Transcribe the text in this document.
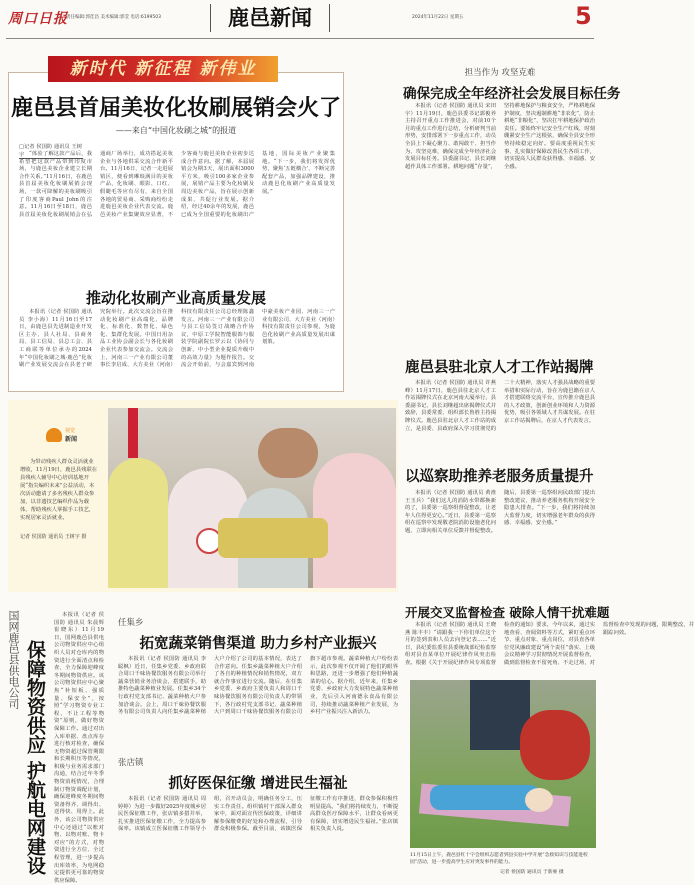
周口日报
责任编辑:郭佳昌 美术编辑:郭莹 电话:6199503	鹿邑新闻	2024年11月22日 星期五	5
新时代 新征程 新伟业
鹿邑县首届美妆化妆刷展销会火了
——来自“中国化妆刷之城”的报道
□记者 侯国防 通讯员 王树宇 “体验了解这款产品后，我希望把这款产品带到印度市场，与鹿邑美妆企业建立长期合作关系。”11月16日，在鹿邑县首届美妆化妆刷展销会现场，一款可降解的美妆刷吸引了印度客商Paul John的注意。11月16日至18日，鹿邑县首届美妆化妆刷展销会在弘通商厂场举行，成功搭起美妆企业与各地供采交流合作新平台。11月16日，记者一走进展销区，便看到琳琅满目的美妆产品，化妆刷、眼影、口红、假睫毛等应有尽有，来自全国各地的贸易商、采购商纷纷走进鹿邑美妆企业代表交流。鹿邑美妆产业集聚效应显著，不少客商与鹿邑美妆企业初步达成合作意向。据了解，本届展销会为期3天，展出面积3000平方米，吸引100多家企业参展，展销产品主要为化妆刷及周边美妆产品，旨在展示创新成果、共促行业发展。据介绍，经过40余年的发展，鹿邑已成为全国重要的化妆刷出产基地，国际美妆产业聚集地。“下一步，我们将发挥优势，聚焦‘五链耦合’，不断完善配套产品，加强品牌建设，推动鹿邑化妆刷产业高质量发展。”
推动化妆刷产业高质量发展
本报讯（记者 侯国防 通讯员 李小海）11月16日至17日，由鹿邑县先进制造业开发区主办、县人社局、县商务局、县工信局、县总工会、县工商联等单位承办的2024年“中国化妆刷之城·鹿邑”化妆刷产业发展交流会在县老子研究院举行。此次交流会旨在推动化妆刷产业高端化、品牌化、标准化、数智化、绿色化、集群化发展。中国日用杂品工业协会副会长与各化妆刷企业代表参加交流会。交流会上，河南三一产业有限公司董事长李启成、大方美业（河南）科技有限责任公司总经理陈鑫发言。河南三一产业有限公司与县工信局签订战略合作协议，中原工学院智能服饰与服装学院副院长罗云以《协同与创新，中小型企业提质升级中的高效力量》为题作报告。交流会开始前，与会嘉宾到河南中豪美妆产业园、河南三一产业有限公司、大方美业（河南）科技有限责任公司参观，为鹿邑化妆刷产业高质量发展出谋划策。
视觉
新闻
为带动残疾人群众灵活就业增收，11月19日，鹿邑县残联在县残疾人辅导中心培训基地开展“指尖编织未来”公益活动，本次活动邀请了多名残疾人群众参加，以非遗技艺编织作品为载体，帮助残疾人掌握手工技艺，实现居家灵活就业。
记者 侯国防 通讯员 王树宇 摄
担当作为 攻坚克难
确保完成全年经济社会发展目标任务
本报讯（记者 侯国防 通讯员 宋田宇）11月19日，鹿邑县委书记郭俊养主持召开重点工作推进会，对前10个月的重点工作进行总结，分析研判当前形势，安排部署下一步重点工作，动员全县上下凝心聚力、敢闯敢干、担当作为、攻坚克难，确保完成全年经济社会发展目标任务。县委副书记、县长刘继超作具体工作部署。耕地问题“存量”，坚持耕地保护与粮食安全，严格耕地保护制度，坚决遏制耕地“非农化”，防止耕地“非粮化”，坚决扛牢耕地保护政治责任。要始终牢记安全生产红线，时刻绷紧安全生产这根弦，确保全县安全形势持续稳定向好。要高度重视民生实事，扎实做好保障改善民生各项工作，切实提高人民群众获得感、幸福感、安全感。
鹿邑县驻北京人才工作站揭牌
本报讯（记者 侯国防 通讯员 许燕峰）11月17日，鹿邑县驻北京人才工作站揭牌仪式在北京河南大厦举行，县委副书记、县长刘继超出席揭牌仪式并致辞，县委常委、组织部长鲁胜主持揭牌仪式。鹿邑县驻北京人才工作站的成立，是县委、县政府深入学习贯彻党的二十大精神，落实人才强县战略的重要举措和实际行动，旨在为鹿邑籍在京人才搭建联络交流平台，宣传推介鹿邑县的人才政策，创新创业环境和人力资源优势，吸引各领域人才共谋发展。在驻京工作站揭牌后，在京人才代表发言。
以巡察助推养老服务质量提升
本报讯（记者 侯国防 通讯员 黄淮 王玉兵）“我们这儿的消防水带都换新的了，县委第一巡察组督促整改，让老年人住得更安心。”近日，县委第一巡察组在巡察中发现敬老院消防设施老化问题，立即向相关单位反馈并督促整改。随后，县委第一巡察组向民政部门提出整改建议，推动养老服务机构开展安全隐患大排查。“下一步，我们将持续加大监督力度，切实增强老年群众的获得感、幸福感、安全感。”
开展交叉监督检查 破除人情干扰难题
本报讯（记者 侯国防 通讯员 王晓燕 陈丰丰）“请跟我一下你们单位这个月的签到表和人员去向登记表……”近日，县纪委监委驻县委统战部纪检监察组对县直某单位开展纪律作风突击检查。根据《关于开展纪律作风专项监督检查的通知》要求，今年以来，通过实地查看、查阅资料等方式，紧盯重点环节、重点对象、重点岗位，对县直各单位党风廉政建设“两个责任”落实、上级会议精神学习贯彻情况开展监督检查，做到监督检查不留死角、不走过场，对监督检查中发现的问题，限期整改，并跟踪问效。
11月15日上午，鹿邑县红十字会组织志愿者到县实验中学开展“急救知识与技能进校园”活动，进一步提高学生应对突发事件的能力。
记者 侯国防 通讯员 于新豪 摄
国网鹿邑县供电公司 保障物资供应 护航电网建设
本报讯（记者 侯国防 通讯员 朱晨辉 崔晓东）11月19日，国网鹿邑县供电公司物资供应中心组织人员对仓库内的物资进行全面清点和检查，全力保障迎峰度冬期间物资供应。该公司物资供应中心聚焦“补短板、强质量、保安全”，按照“学习物资专业工程，不让工程等物资”原则，做好物资保障工作。通过对出入库单据、盘点库存进行核对检查，确保无物资超过保管期限和长期积压等情况，积极与业务需求部门沟通，结合过年冬季物资消耗情况，合理制订物资调配计划，确保迎峰度冬期间物资备得齐、调得出、送得快、用得上。此外，该公司物资供应中心还通过“以账对物、以物对账、物卡对应”的方式，对物资进行全方位、全过程管理，进一步提高出库效率，为电网稳定提供更可靠的物资供应保障。
任集乡
拓宽蔬菜销售渠道 助力乡村产业振兴
本报讯（记者 侯国防 通讯员 李聪枫）近日，任集乡党委、乡政府联合周口千味协餐饮服务有限公司举行蔬菜营销业务洽谈会，搭建联手，助推特色蔬菜种植业发展。任集乡34个行政村党支部书记、蔬菜种植大户参加洽谈会。会上，周口千味协餐饮服务有限公司负责人向任集乡蔬菜种植大户介绍了公司的基本情况，表达了合作意向。任集乡蔬菜种植大户介绍了各自的种植情况和销售情况，双方就合作事宜进行交流。随后，在任集乡党委、乡政府主要负责人和周口千味协餐饮服务有限公司负责人的带领下，各行政村党支部书记、蔬菜种植大户到周口千味协餐饮服务有限公司旗下超市参观。蔬菜种植大户纷纷表示，此次参观不仅开阔了他们的眼界和思路，还进一步增强了他们种植蔬菜的信心。据介绍，近年来，任集乡党委、乡政府大力发展特色蔬菜种植业，先后引入河南德永食品有限公司，持续推动蔬菜种植产业发展，为乡村产业振兴注入新活力。
张店镇
抓好医保征缴 增进民生福祉
本报讯（记者 侯国防 通讯员 周婷婷）为进一步做好2025年度城乡居民医保征缴工作，张店镇多措并举，扎实推进医保征缴工作，全力提高参保率。该镇成立医保征缴工作领导小组，召开动员会，明确任务分工，压实工作责任。组织镇村干部深入群众家中，面对面宣传医保政策，详细讲解参保缴费的好处和办理流程，引导群众积极参保。截至目前，该镇医保征缴工作有序推进，群众参保积极性明显提高。“我们将持续发力，不断提高群众医疗保障水平，让群众看病更有保障，切实增进民生福祉。”张店镇相关负责人说。
